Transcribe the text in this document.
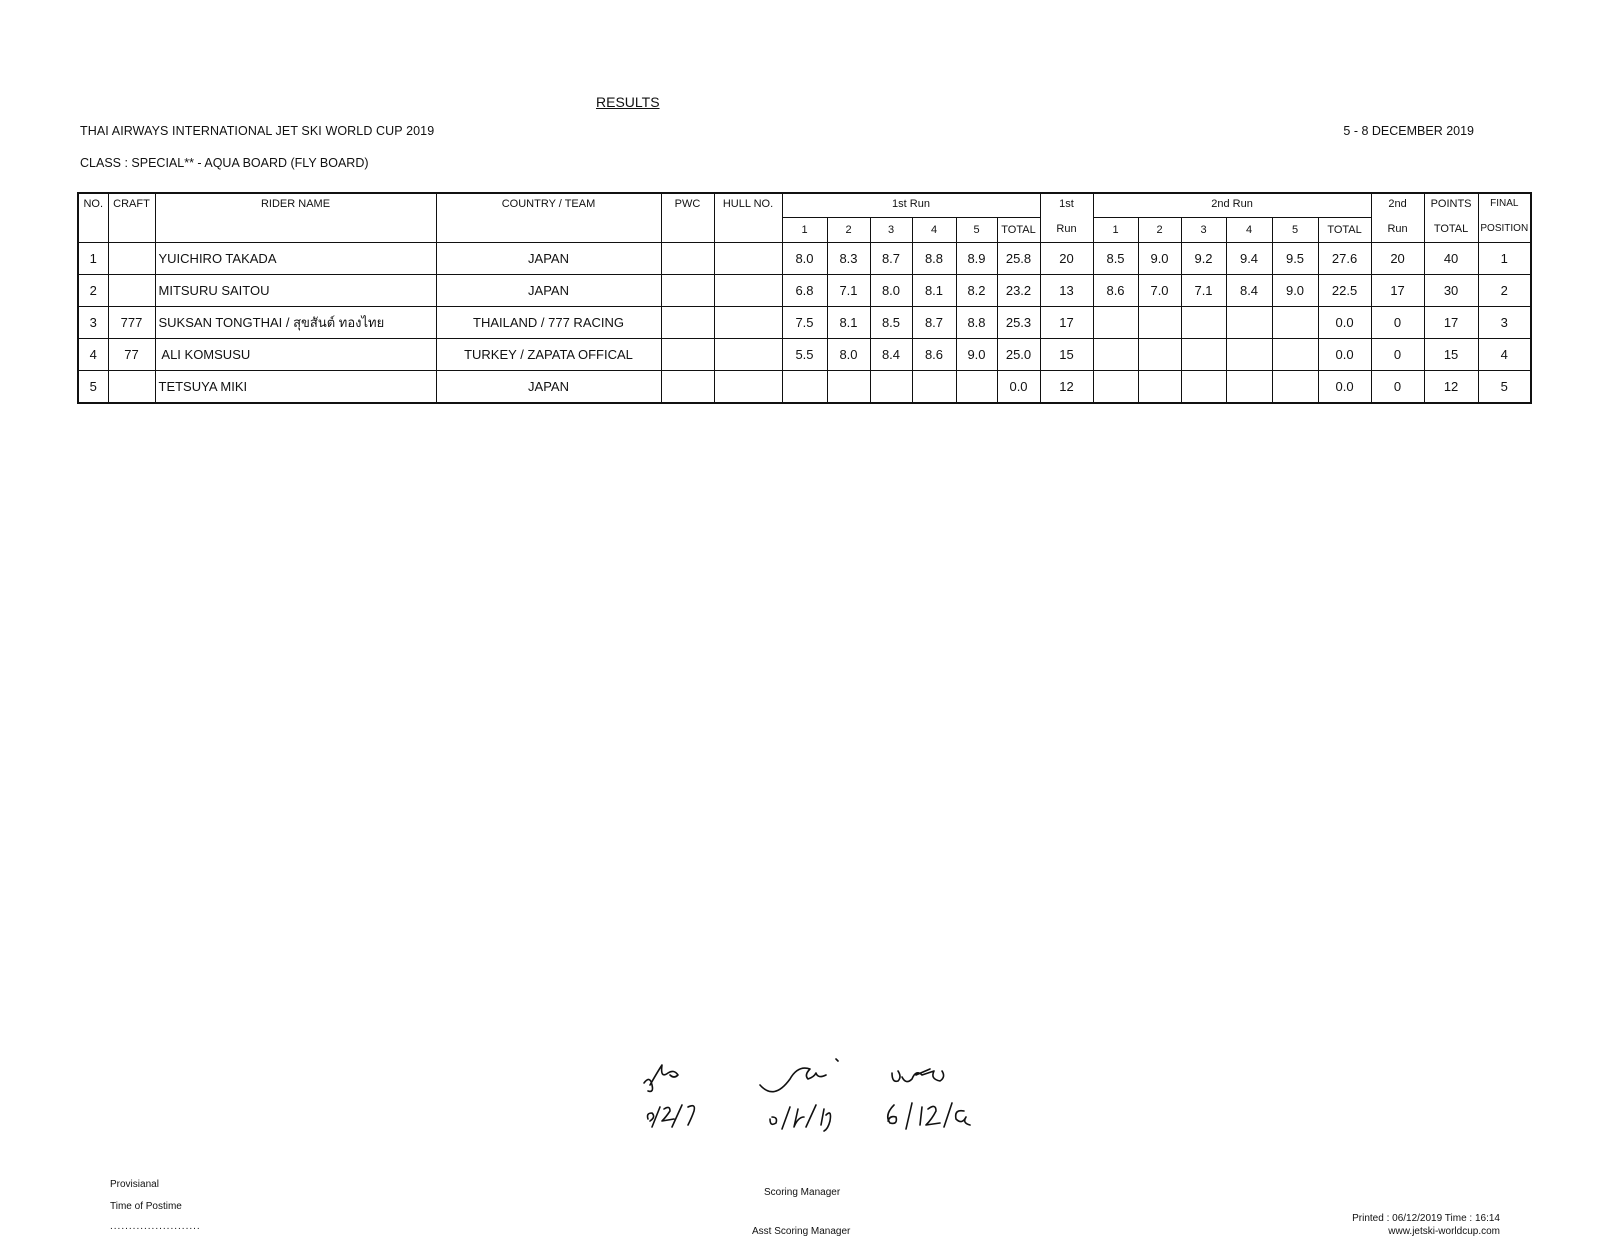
RESULTS
THAI AIRWAYS INTERNATIONAL JET SKI WORLD CUP 2019	5 - 8 DECEMBER 2019
CLASS : SPECIAL** - AQUA BOARD (FLY BOARD)
NO.	CRAFT	RIDER NAME	COUNTRY / TEAM	PWC	HULL NO.	1st Run						1st	2nd Run						2nd	POINTS	FINAL
						1	2	3	4	5	TOTAL	Run	1	2	3	4	5	TOTAL	Run	TOTAL	POSITION
1		YUICHIRO TAKADA	JAPAN			8.0	8.3	8.7	8.8	8.9	25.8	20	8.5	9.0	9.2	9.4	9.5	27.6	20	40	1
2		MITSURU SAITOU	JAPAN			6.8	7.1	8.0	8.1	8.2	23.2	13	8.6	7.0	7.1	8.4	9.0	22.5	17	30	2
3	777	SUKSAN TONGTHAI / สุขสันต์ ทองไทย	THAILAND / 777 RACING			7.5	8.1	8.5	8.7	8.8	25.3	17						0.0	0	17	3
4	77	ALI KOMSUSU	TURKEY / ZAPATA OFFICAL			5.5	8.0	8.4	8.6	9.0	25.0	15						0.0	0	15	4
5		TETSUYA MIKI	JAPAN								0.0	12						0.0	0	12	5
Provisianal
Time of Postime
........................
Scoring Manager
Asst Scoring Manager
Printed : 06/12/2019 Time : 16:14
www.jetski-worldcup.com
